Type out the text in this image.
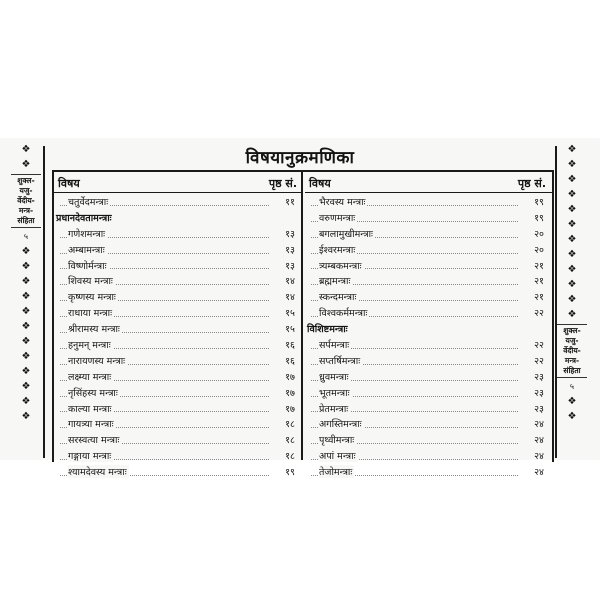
❖
❖
शुक्ल-
यजु-
र्वेदीय-
मन्त्र-
संहिता
५
❖
❖
❖
❖
❖
❖
❖
❖
❖
❖
❖
❖
❖
❖
❖
❖
❖
❖
❖
❖
❖
❖
❖
❖
शुक्ल-
यजु-
र्वेदीय-
मन्त्र-
संहिता
५
❖
❖
विषयानुक्रमणिका
विषय	पृष्ठ सं.
चतुर्वेदमन्त्राः	११
प्रधानदेवतामन्त्राः
गणेशमन्त्राः	१३
अम्बामन्त्राः	१३
विष्णोर्मन्त्राः	१३
शिवस्य मन्त्राः	१४
कृष्णस्य मन्त्राः	१४
राधाया मन्त्राः	१५
श्रीरामस्य मन्त्राः	१५
हनुमन् मन्त्राः	१६
नारायणस्य मन्त्राः	१६
लक्ष्म्या मन्त्राः	१७
नृसिंहस्य मन्त्राः	१७
काल्या मन्त्राः	१७
गायत्र्या मन्त्राः	१८
सरस्वत्या मन्त्राः	१८
गङ्गाया मन्त्राः	१८
श्यामदेवस्य मन्त्राः	१९
विषय	पृष्ठ सं.
भैरवस्य मन्त्राः	१९
वरुणमन्त्राः	१९
बगलामुखीमन्त्राः	२०
ईश्वरमन्त्राः	२०
त्र्यम्बकमन्त्राः	२१
ब्रह्ममन्त्राः	२१
स्कन्दमन्त्राः	२१
विश्वकर्ममन्त्राः	२२
विशिष्टमन्त्राः
सर्पमन्त्राः	२२
सप्तर्षिमन्त्राः	२२
ध्रुवमन्त्राः	२३
भूतमन्त्राः	२३
प्रेतमन्त्राः	२३
अगस्तिमन्त्राः	२४
पृथ्वीमन्त्राः	२४
अपां मन्त्राः	२४
तेजोमन्त्राः	२४
